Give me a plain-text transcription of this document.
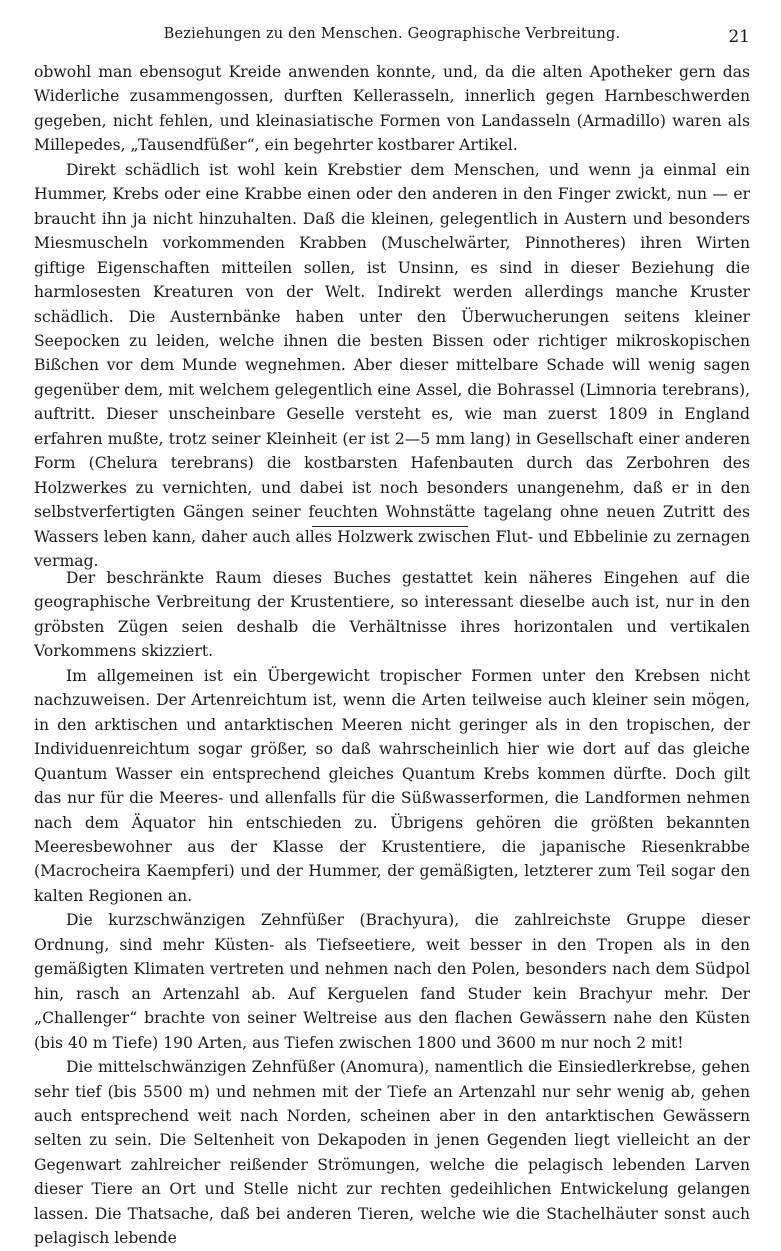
Beziehungen zu den Menschen. Geographische Verbreitung.	21

obwohl man ebensogut Kreide anwenden konnte, und, da die alten Apotheker gern das Widerliche zusammengossen, durften Kellerasseln, innerlich gegen Harnbeschwerden gegeben, nicht fehlen, und kleinasiatische Formen von Landasseln (Armadillo) waren als Millepedes, „Tausendfüßer“, ein begehrter kostbarer Artikel.

Direkt schädlich ist wohl kein Krebstier dem Menschen, und wenn ja einmal ein Hummer, Krebs oder eine Krabbe einen oder den anderen in den Finger zwickt, nun — er braucht ihn ja nicht hinzuhalten. Daß die kleinen, gelegentlich in Austern und besonders Miesmuscheln vorkommenden Krabben (Muschelwärter, Pinnotheres) ihren Wirten giftige Eigenschaften mitteilen sollen, ist Unsinn, es sind in dieser Beziehung die harmlosesten Kreaturen von der Welt. Indirekt werden allerdings manche Kruster schädlich. Die Austernbänke haben unter den Überwucherungen seitens kleiner Seepocken zu leiden, welche ihnen die besten Bissen oder richtiger mikroskopischen Bißchen vor dem Munde wegnehmen. Aber dieser mittelbare Schade will wenig sagen gegenüber dem, mit welchem gelegentlich eine Assel, die Bohrassel (Limnoria terebrans), auftritt. Dieser unscheinbare Geselle versteht es, wie man zuerst 1809 in England erfahren mußte, trotz seiner Kleinheit (er ist 2—5 mm lang) in Gesellschaft einer anderen Form (Chelura terebrans) die kostbarsten Hafenbauten durch das Zerbohren des Holzwerkes zu vernichten, und dabei ist noch besonders unangenehm, daß er in den selbstverfertigten Gängen seiner feuchten Wohnstätte tagelang ohne neuen Zutritt des Wassers leben kann, daher auch alles Holzwerk zwischen Flut- und Ebbelinie zu zernagen vermag.

Der beschränkte Raum dieses Buches gestattet kein näheres Eingehen auf die geographische Verbreitung der Krustentiere, so interessant dieselbe auch ist, nur in den gröbsten Zügen seien deshalb die Verhältnisse ihres horizontalen und vertikalen Vorkommens skizziert.

Im allgemeinen ist ein Übergewicht tropischer Formen unter den Krebsen nicht nachzuweisen. Der Artenreichtum ist, wenn die Arten teilweise auch kleiner sein mögen, in den arktischen und antarktischen Meeren nicht geringer als in den tropischen, der Individuenreichtum sogar größer, so daß wahrscheinlich hier wie dort auf das gleiche Quantum Wasser ein entsprechend gleiches Quantum Krebs kommen dürfte. Doch gilt das nur für die Meeres- und allenfalls für die Süßwasserformen, die Landformen nehmen nach dem Äquator hin entschieden zu. Übrigens gehören die größten bekannten Meeresbewohner aus der Klasse der Krustentiere, die japanische Riesenkrabbe (Macrocheira Kaempferi) und der Hummer, der gemäßigten, letzterer zum Teil sogar den kalten Regionen an.

Die kurzschwänzigen Zehnfüßer (Brachyura), die zahlreichste Gruppe dieser Ordnung, sind mehr Küsten- als Tiefseetiere, weit besser in den Tropen als in den gemäßigten Klimaten vertreten und nehmen nach den Polen, besonders nach dem Südpol hin, rasch an Artenzahl ab. Auf Kerguelen fand Studer kein Brachyur mehr. Der „Challenger“ brachte von seiner Weltreise aus den flachen Gewässern nahe den Küsten (bis 40 m Tiefe) 190 Arten, aus Tiefen zwischen 1800 und 3600 m nur noch 2 mit!

Die mittelschwänzigen Zehnfüßer (Anomura), namentlich die Einsiedlerkrebse, gehen sehr tief (bis 5500 m) und nehmen mit der Tiefe an Artenzahl nur sehr wenig ab, gehen auch entsprechend weit nach Norden, scheinen aber in den antarktischen Gewässern selten zu sein. Die Seltenheit von Dekapoden in jenen Gegenden liegt vielleicht an der Gegenwart zahlreicher reißender Strömungen, welche die pelagisch lebenden Larven dieser Tiere an Ort und Stelle nicht zur rechten gedeihlichen Entwickelung gelangen lassen. Die Thatsache, daß bei anderen Tieren, welche wie die Stachelhäuter sonst auch pelagisch lebende
